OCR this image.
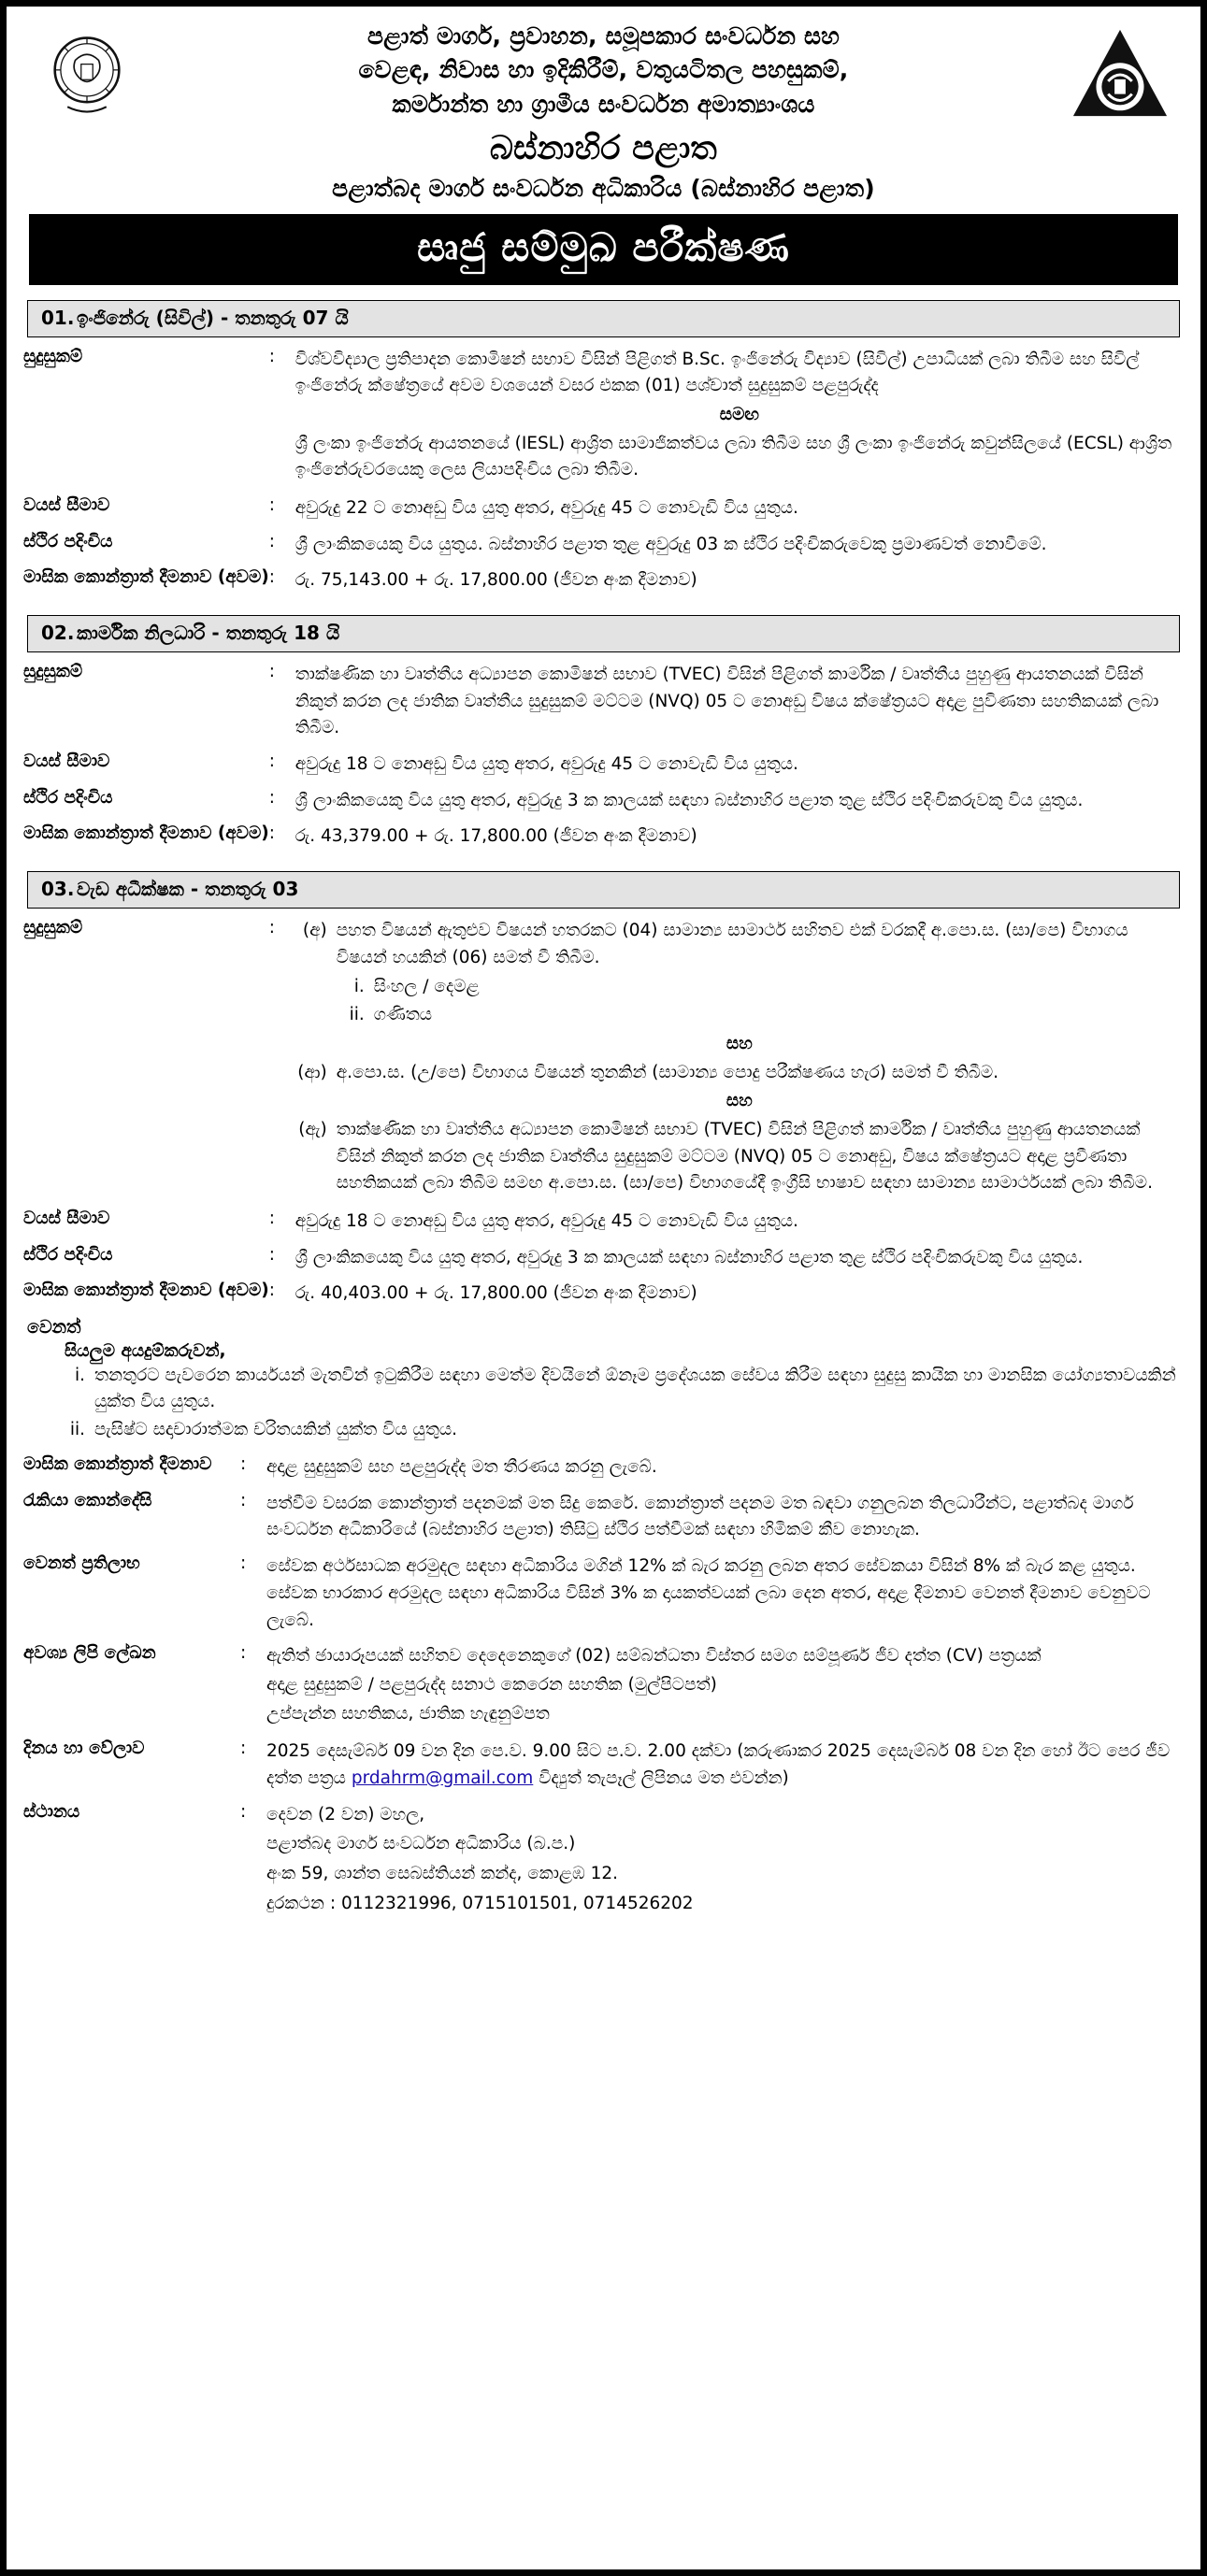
පළාත් මාර්ග, ප්‍රවාහන, සමූපකාර සංවර්ධන සහ
වෙළඳ, නිවාස හා ඉදිකිරීම්, වතුයටිතල පහසුකම්,
කර්මාන්ත හා ග්‍රාමීය සංවර්ධන අමාත්‍යාංශය
බස්නාහිර පළාත
පළාත්බද මාර්ග සංවර්ධන අධිකාරිය (බස්නාහිර පළාත)
සෘජු සම්මුඛ පරීක්ෂණ
01. ඉංජිනේරු (සිවිල්) - තනතුරු 07 යි
සුදුසුකම්	:	විශ්වවිද්‍යාල ප්‍රතිපාදන කොමිෂන් සභාව විසින් පිළිගත් B.Sc. ඉංජිනේරු විද්‍යාව (සිවිල්) උපාධියක් ලබා තිබීම සහ සිවිල් ඉංජිනේරු ක්ෂේත්‍රයේ අවම වශයෙන් වසර එකක (01) පශ්චාත් සුදුසුකම් පළපුරුද්ද

සමඟ

ශ්‍රී ලංකා ඉංජිනේරු ආයතනයේ (IESL) ආශ්‍රිත සාමාජිකත්වය ලබා තිබීම සහ ශ්‍රී ලංකා ඉංජිනේරු කවුන්සිලයේ (ECSL) ආශ්‍රිත ඉංජිනේරුවරයෙකු ලෙස ලියාපදිංචිය ලබා තිබීම.

වයස් සීමාව	:	අවුරුදු 22 ට නොඅඩු විය යුතු අතර, අවුරුදු 45 ට නොවැඩි විය යුතුය.
ස්ථිර පදිංචිය	:	ශ්‍රී ලාංකිකයෙකු විය යුතුය. බස්නාහිර පළාත තුළ අවුරුදු 03 ක ස්ථිර පදිංචිකරුවෙකු ප්‍රමාණවත් නොවීමේ.
මාසික කොන්ත්‍රාත් දීමනාව (අවම)	:	රු. 75,143.00 + රු. 17,800.00 (ජීවන අංක දීමනාව)
02. කාර්මික නිලධාරි - තනතුරු 18 යි
සුදුසුකම්	:	තාක්ෂණික හා වෘත්තීය අධ්‍යාපන කොමිෂන් සභාව (TVEC) විසින් පිළිගත් කාර්මික / වෘත්තීය පුහුණු ආයතනයක් විසින් නිකුත් කරන ලද ජාතික වෘත්තීය සුදුසුකම් මට්ටම (NVQ) 05 ට නොඅඩු විෂය ක්ෂේත්‍රයට අදාළ පුවිණතා සහතිකයක් ලබා තිබීම.
වයස් සීමාව	:	අවුරුදු 18 ට නොඅඩු විය යුතු අතර, අවුරුදු 45 ට නොවැඩි විය යුතුය.
ස්ථිර පදිංචිය	:	ශ්‍රී ලාංකිකයෙකු විය යුතු අතර, අවුරුදු 3 ක කාලයක් සඳහා බස්නාහිර පළාත තුළ ස්ථිර පදිංචිකරුවකු විය යුතුය.
මාසික කොන්ත්‍රාත් දීමනාව (අවම)	:	රු. 43,379.00 + රු. 17,800.00 (ජීවන අංක දීමනාව)
03. වැඩ අධීක්ෂක - තනතුරු 03
සුදුසුකම්	:	(අ) පහත විෂයන් ඇතුළුව විෂයන් හතරකට (04) සාමාන්‍ය සාමාර්ථ සහිතව එක් වරකදී අ.පො.ස. (සා/පෙ) විභාගය විෂයන් හයකින් (06) සමත් වී තිබීම.
i. සිංහල / දෙමළ
ii. ගණිතය

සහ

(ආ) අ.පො.ස. (උ/පෙ) විභාගය විෂයන් තුනකින් (සාමාන්‍ය පොදු පරීක්ෂණය හැර) සමත් වී තිබීම.

සහ

(ඇ) තාක්ෂණික හා වෘත්තීය අධ්‍යාපන කොමිෂන් සභාව (TVEC) විසින් පිළිගත් කාර්මික / වෘත්තීය පුහුණු ආයතනයක් විසින් නිකුත් කරන ලද ජාතික වෘත්තීය සුදුසුකම් මට්ටම (NVQ) 05 ට නොඅඩු, විෂය ක්ෂේත්‍රයට අදාළ ප්‍රවීණතා සහතිකයක් ලබා තිබීම සමඟ අ.පො.ස. (සා/පෙ) විභාගයේදී ඉංග්‍රීසි භාෂාව සඳහා සාමාන්‍ය සාමාර්ථයක් ලබා තිබීම.

වයස් සීමාව	:	අවුරුදු 18 ට නොඅඩු විය යුතු අතර, අවුරුදු 45 ට නොවැඩි විය යුතුය.
ස්ථිර පදිංචිය	:	ශ්‍රී ලාංකිකයෙකු විය යුතු අතර, අවුරුදු 3 ක කාලයක් සඳහා බස්නාහිර පළාත තුළ ස්ථිර පදිංචිකරුවකු විය යුතුය.
මාසික කොන්ත්‍රාත් දීමනාව (අවම)	:	රු. 40,403.00 + රු. 17,800.00 (ජීවන අංක දීමනාව)
වෙනත්
සියලුම අයදුම්කරුවන්,
i. තනතුරට පැවරෙන කාර්යයන් මැතවින් ඉටුකිරීම සඳහා මෙත්ම දිවයිනේ ඕනෑම ප්‍රදේශයක සේවය කිරීම සඳහා සුදුසු කායික හා මානසික යෝග්‍යතාවයකින් යුක්ත විය යුතුය.
ii. පැසිෂ්ට සදාචාරාත්මක චරිතයකින් යුක්ත විය යුතුය.
මාසික කොන්ත්‍රාත් දීමනාව	:	අදාළ සුදුසුකම් සහ පළපුරුද්ද මත තීරණය කරනු ලැබේ.
රැකියා කොන්දේසි	:	පත්වීම වසරක කොන්ත්‍රාත් පදනමක් මත සිදු කෙරේ. කොන්ත්‍රාත් පදනම මත බඳවා ගනු‌ලබන තිලධාරීන්ට, පළාත්බද මාර්ග සංවර්ධන අධිකාරියේ (බස්නාහිර පළාත) තිසිටු ස්ථිර පත්වීමක් සඳහා හිමිකම් කීව නොහැක.
වෙනත් ප්‍රතිලාභ	:	සේවක අර්ථසාධක අරමුදල සඳහා අධිකාරිය මගින් 12% ක් බැර කරනු ලබන අතර සේවකයා විසින් 8% ක් බැර කළ යුතුය. සේවක භාරකාර අරමුදල සඳහා අධිකාරිය විසින් 3% ක දායකත්වයක් ලබා දෙන අතර, අදාළ දීමනාව වෙනත් දීමනාව වෙනුවට ලැබේ.
අවශ්‍ය ලිපි ලේඛන	:	ඇතිත් ඡායාරූපයක් සහිතව දෙදෙනෙකුගේ (02) සම්බන්ධතා විස්තර සමග සම්පූර්ණ ජීව දත්ත (CV) පත්‍රයක්

අදාළ සුදුසුකම් / පළපුරුද්ද සනාථ කෙරෙන සහතික (මුල්පිටපත්)

උප්පැන්න සහතිකය, ජාතික හැඳුනුම්පත

දිනය හා වේලාව	:	2025 දෙසැම්බර් 09 වන දින පෙ.ව. 9.00 සිට ප.ව. 2.00 දක්වා (කරුණාකර 2025 දෙසැම්බර් 08 වන දින හෝ ඊට පෙර ජීව දත්ත පත්‍රය prdahrm@gmail.com විද්‍යුත් තැපෑල් ලිපිනය මත එවන්න)
ස්ථානය	:	දෙවන (2 වන) මහල,

පළාත්බද මාර්ග සංවර්ධන අධිකාරිය (බ.ප.)

අංක 59, ශාන්ත සෙබස්තියන් කන්ද, කොළඹ 12.

දුරකථන : 0112321996, 0715101501, 0714526202
